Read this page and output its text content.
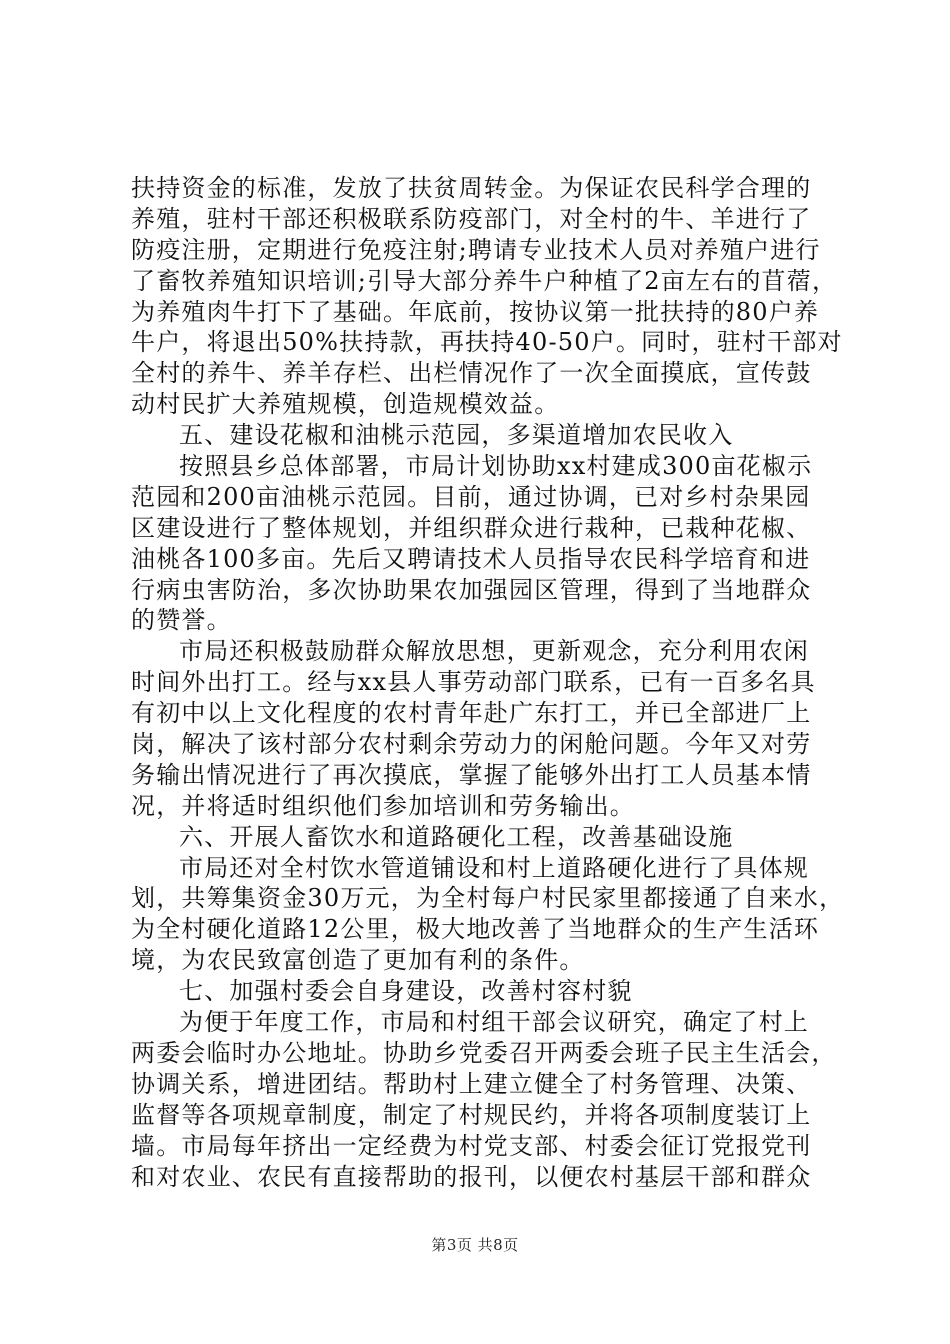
扶持资金的标准，发放了扶贫周转金。为保证农民科学合理的
养殖，驻村干部还积极联系防疫部门，对全村的牛、羊进行了
防疫注册，定期进行免疫注射;聘请专业技术人员对养殖户进行
了畜牧养殖知识培训;引导大部分养牛户种植了2亩左右的苜蓿，
为养殖肉牛打下了基础。年底前，按协议第一批扶持的80户养
牛户，将退出50%扶持款，再扶持40-50户。同时，驻村干部对
全村的养牛、养羊存栏、出栏情况作了一次全面摸底，宣传鼓
动村民扩大养殖规模，创造规模效益。
五、建设花椒和油桃示范园，多渠道增加农民收入
按照县乡总体部署，市局计划协助xx村建成300亩花椒示
范园和200亩油桃示范园。目前，通过协调，已对乡村杂果园
区建设进行了整体规划，并组织群众进行栽种，已栽种花椒、
油桃各100多亩。先后又聘请技术人员指导农民科学培育和进
行病虫害防治，多次协助果农加强园区管理，得到了当地群众
的赞誉。
市局还积极鼓励群众解放思想，更新观念，充分利用农闲
时间外出打工。经与xx县人事劳动部门联系，已有一百多名具
有初中以上文化程度的农村青年赴广东打工，并已全部进厂上
岗，解决了该村部分农村剩余劳动力的闲舱问题。今年又对劳
务输出情况进行了再次摸底，掌握了能够外出打工人员基本情
况，并将适时组织他们参加培训和劳务输出。
六、开展人畜饮水和道路硬化工程，改善基础设施
市局还对全村饮水管道铺设和村上道路硬化进行了具体规
划，共筹集资金30万元，为全村每户村民家里都接通了自来水，
为全村硬化道路12公里，极大地改善了当地群众的生产生活环
境，为农民致富创造了更加有利的条件。
七、加强村委会自身建设，改善村容村貌
为便于年度工作，市局和村组干部会议研究，确定了村上
两委会临时办公地址。协助乡党委召开两委会班子民主生活会，
协调关系，增进团结。帮助村上建立健全了村务管理、决策、
监督等各项规章制度，制定了村规民约，并将各项制度装订上
墙。市局每年挤出一定经费为村党支部、村委会征订党报党刊
和对农业、农民有直接帮助的报刊，以便农村基层干部和群众
第3页 共8页
